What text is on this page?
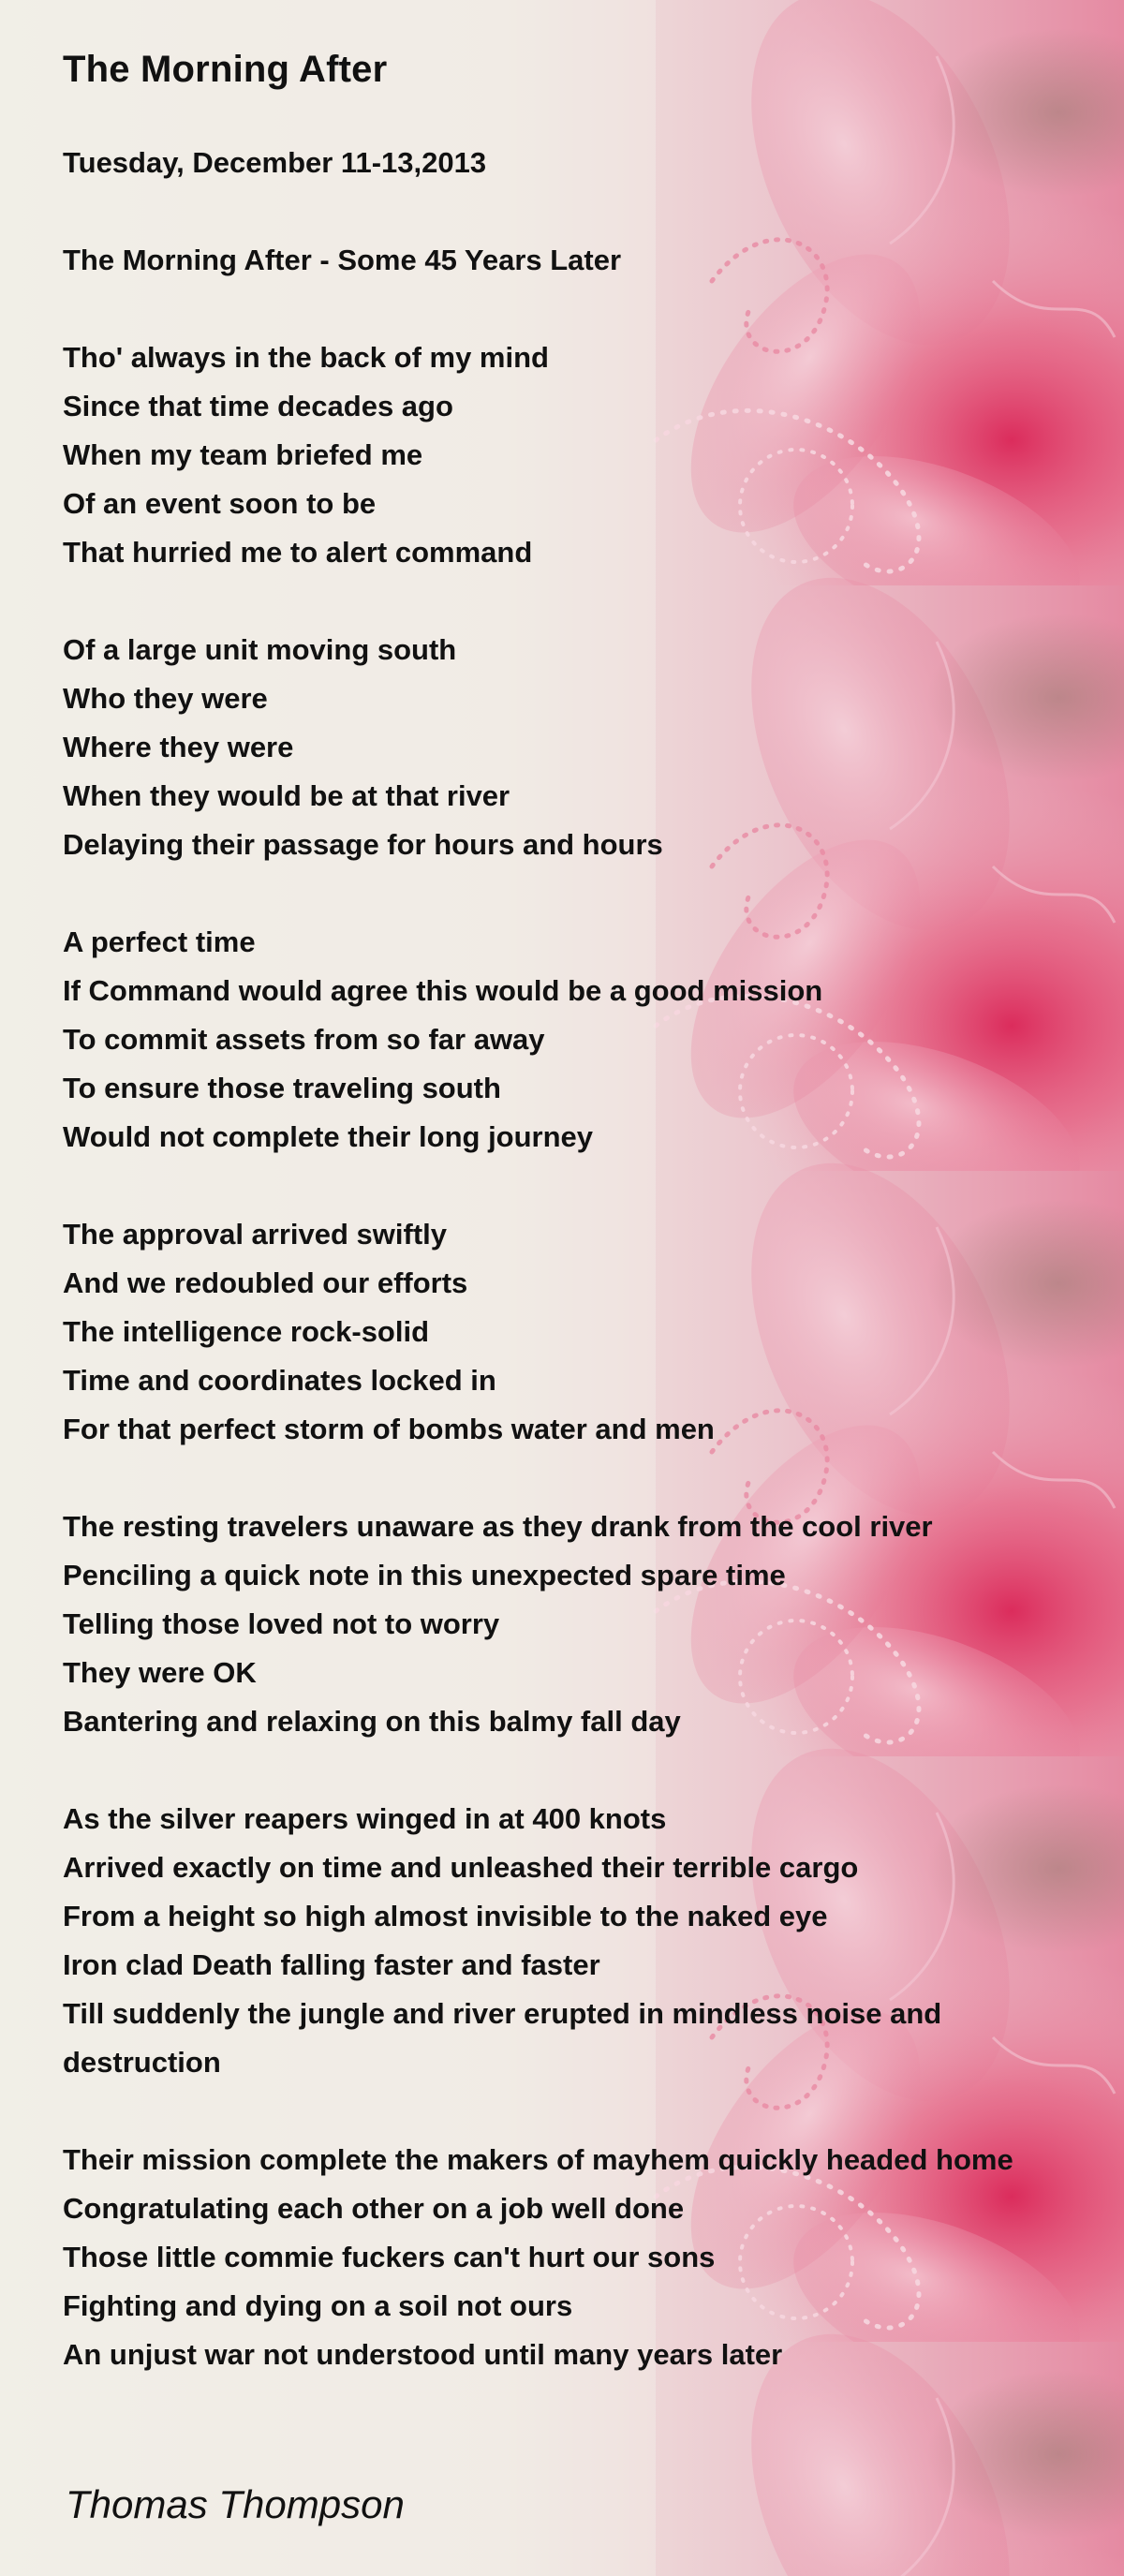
The Morning After
Tuesday, December 11-13,2013
The Morning After - Some 45 Years Later
Tho' always in the back of my mind
Since that time decades ago
When my team briefed me
Of an event soon to be
That hurried me to alert command
Of a large unit moving south
Who they were
Where they were
When they would be at that river
Delaying their passage for hours and hours
A perfect time
If Command would agree this would be a good mission
To commit assets from so far away
To ensure those traveling south
Would not complete their long journey
The approval arrived swiftly
And we redoubled our efforts
The intelligence rock-solid
Time and coordinates locked in
For that perfect storm of bombs water and men
The resting travelers unaware as they drank from the cool river
Penciling a quick note in this unexpected spare time
Telling those loved not to worry
They were OK
Bantering and relaxing on this balmy fall day
As the silver reapers winged in at 400 knots
Arrived exactly on time and unleashed their terrible cargo
From a height so high almost invisible to the naked eye
Iron clad Death falling faster and faster
Till suddenly the jungle and river erupted in mindless noise and
destruction
Their mission complete the makers of mayhem quickly headed home
Congratulating each other on a job well done
Those little commie fuckers can't hurt our sons
Fighting and dying on a soil not ours
An unjust war not understood until many years later
Thomas Thompson
